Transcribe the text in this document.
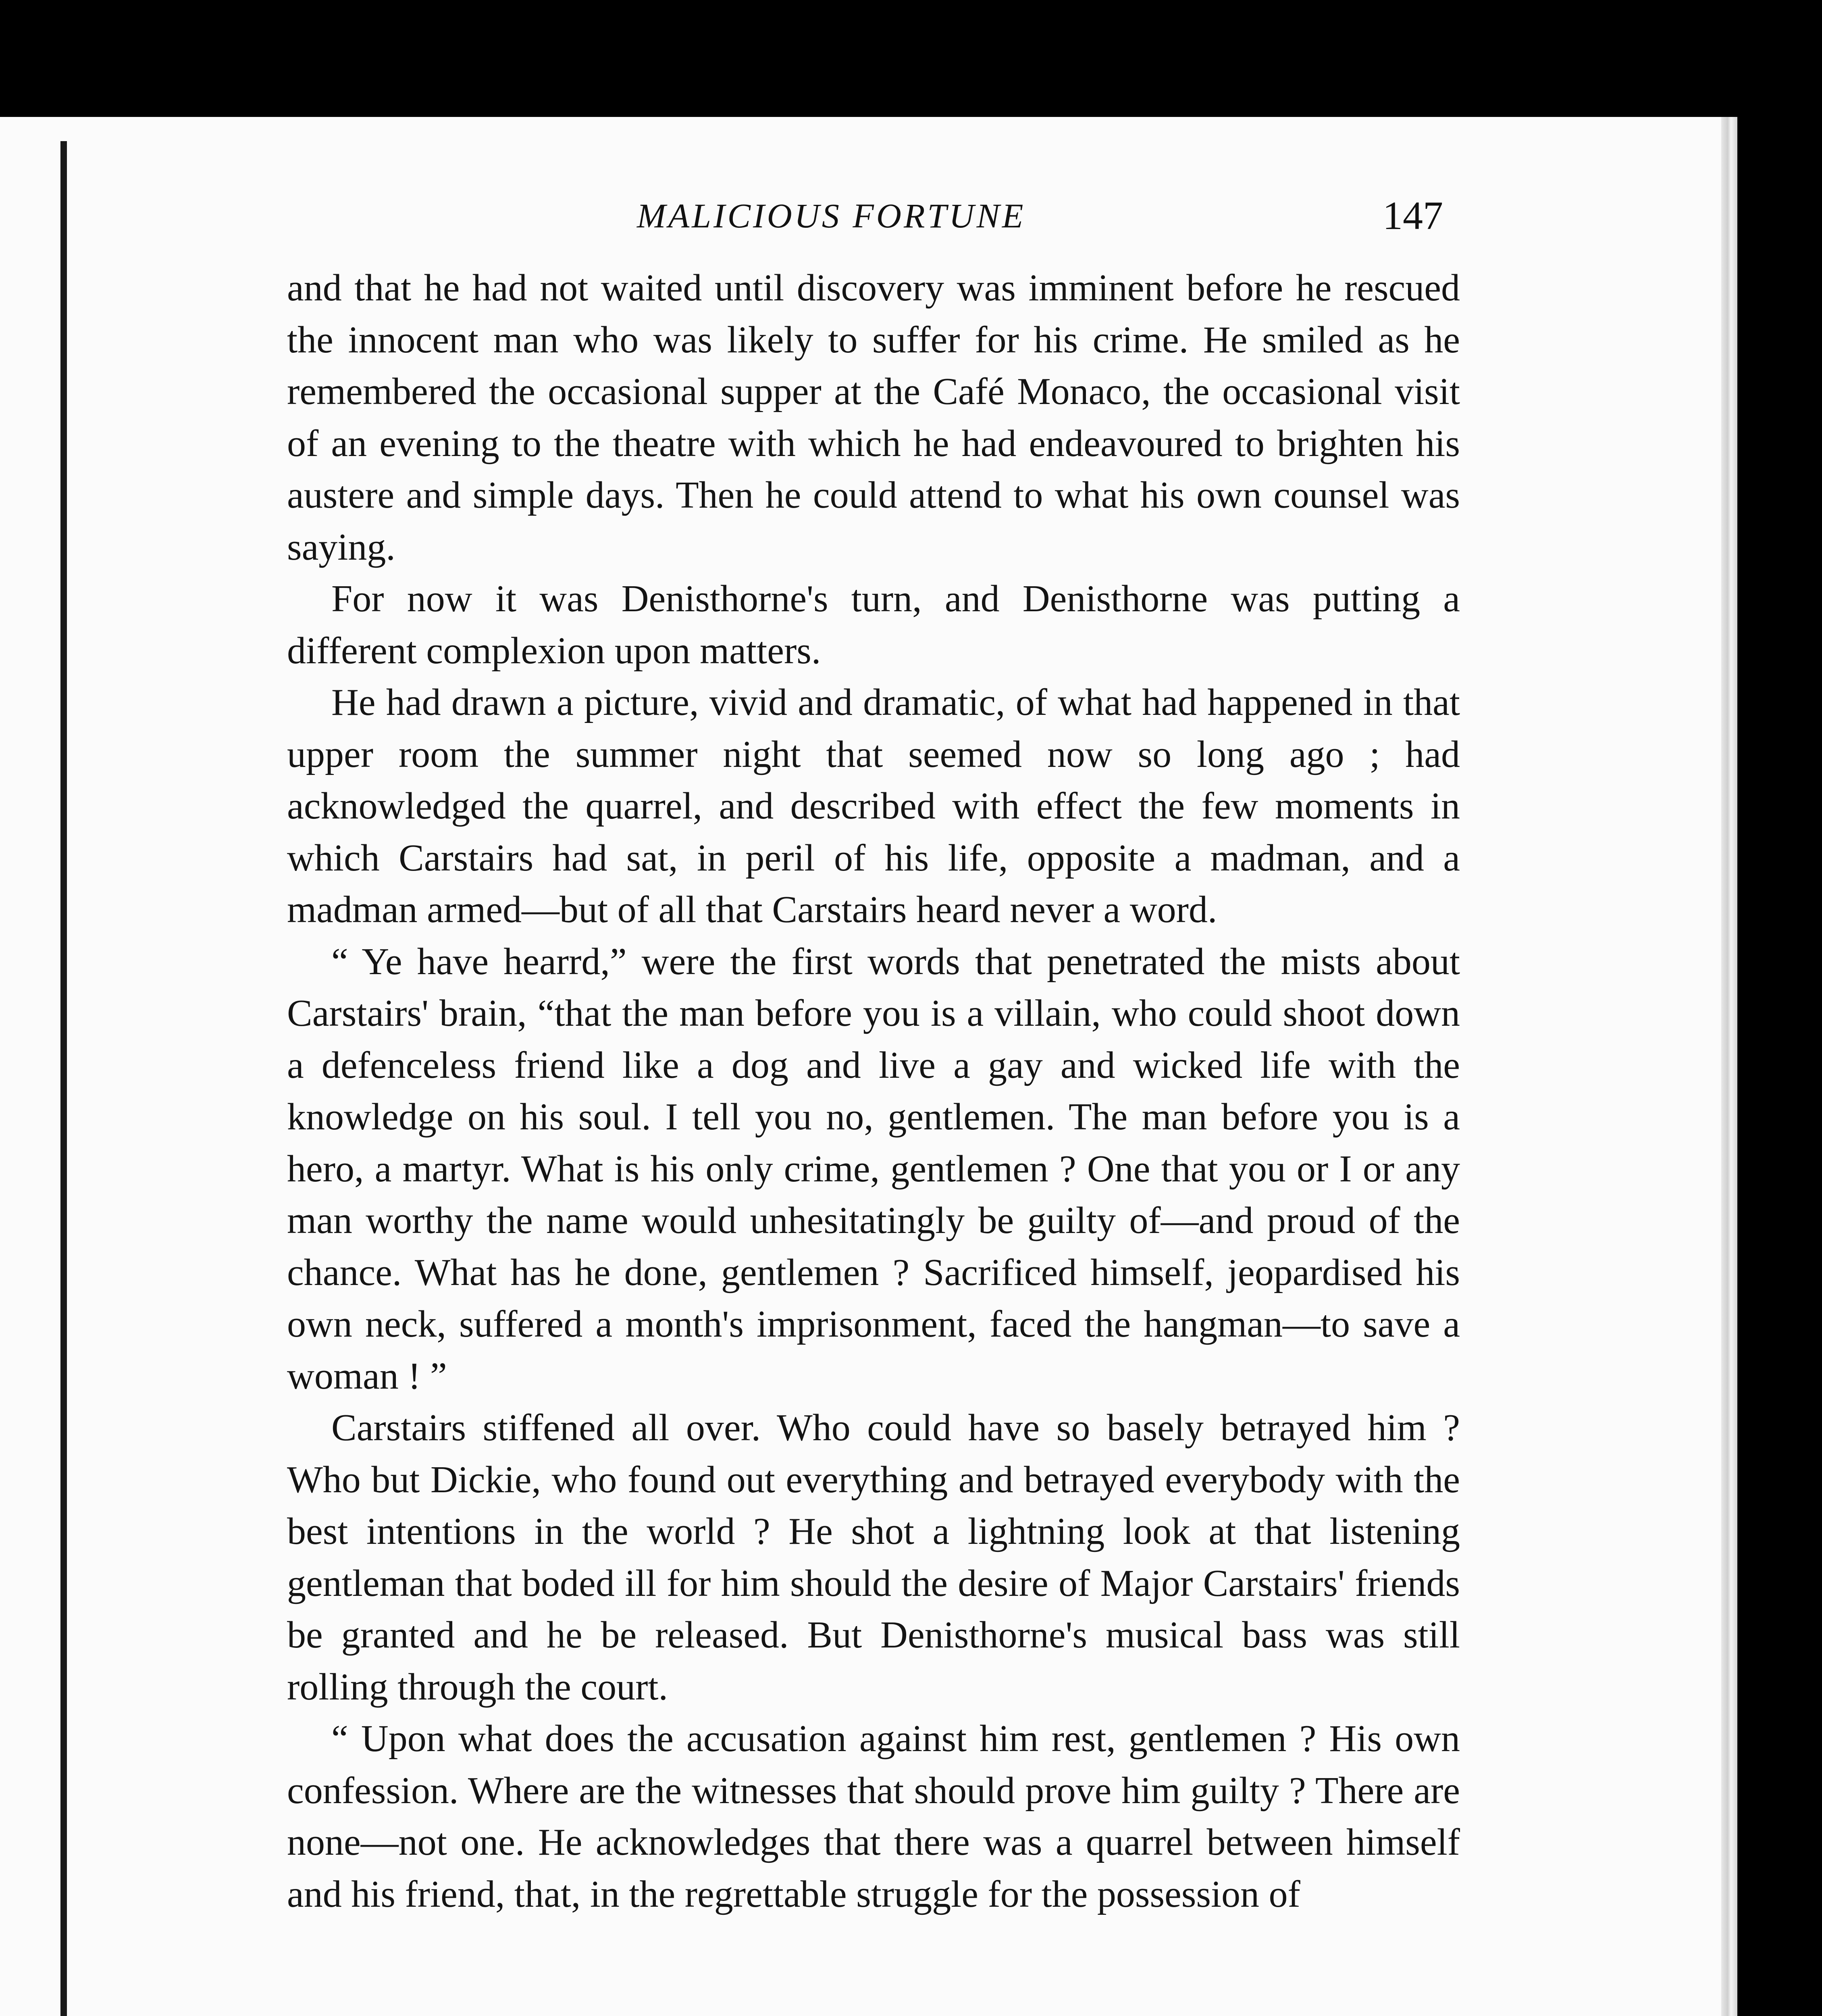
MALICIOUS FORTUNE	147

and that he had not waited until discovery was imminent before he rescued the innocent man who was likely to suffer for his crime. He smiled as he remembered the occasional supper at the Café Monaco, the occasional visit of an evening to the theatre with which he had endeavoured to brighten his austere and simple days. Then he could attend to what his own counsel was saying.

For now it was Denisthorne's turn, and Denisthorne was putting a different complexion upon matters.

He had drawn a picture, vivid and dramatic, of what had happened in that upper room the summer night that seemed now so long ago ; had acknowledged the quarrel, and described with effect the few moments in which Carstairs had sat, in peril of his life, opposite a madman, and a madman armed—but of all that Carstairs heard never a word.

“ Ye have hearrd,” were the first words that penetrated the mists about Carstairs' brain, “that the man before you is a villain, who could shoot down a defenceless friend like a dog and live a gay and wicked life with the knowledge on his soul. I tell you no, gentlemen. The man before you is a hero, a martyr. What is his only crime, gentlemen ? One that you or I or any man worthy the name would unhesitatingly be guilty of—and proud of the chance. What has he done, gentlemen ? Sacrificed himself, jeopardised his own neck, suffered a month's imprisonment, faced the hangman—to save a woman ! ”

Carstairs stiffened all over. Who could have so basely betrayed him ? Who but Dickie, who found out everything and betrayed everybody with the best intentions in the world ? He shot a lightning look at that listening gentleman that boded ill for him should the desire of Major Carstairs' friends be granted and he be released. But Denisthorne's musical bass was still rolling through the court.

“ Upon what does the accusation against him rest, gentlemen ? His own confession. Where are the witnesses that should prove him guilty ? There are none—not one. He acknowledges that there was a quarrel between himself and his friend, that, in the regrettable struggle for the possession of
